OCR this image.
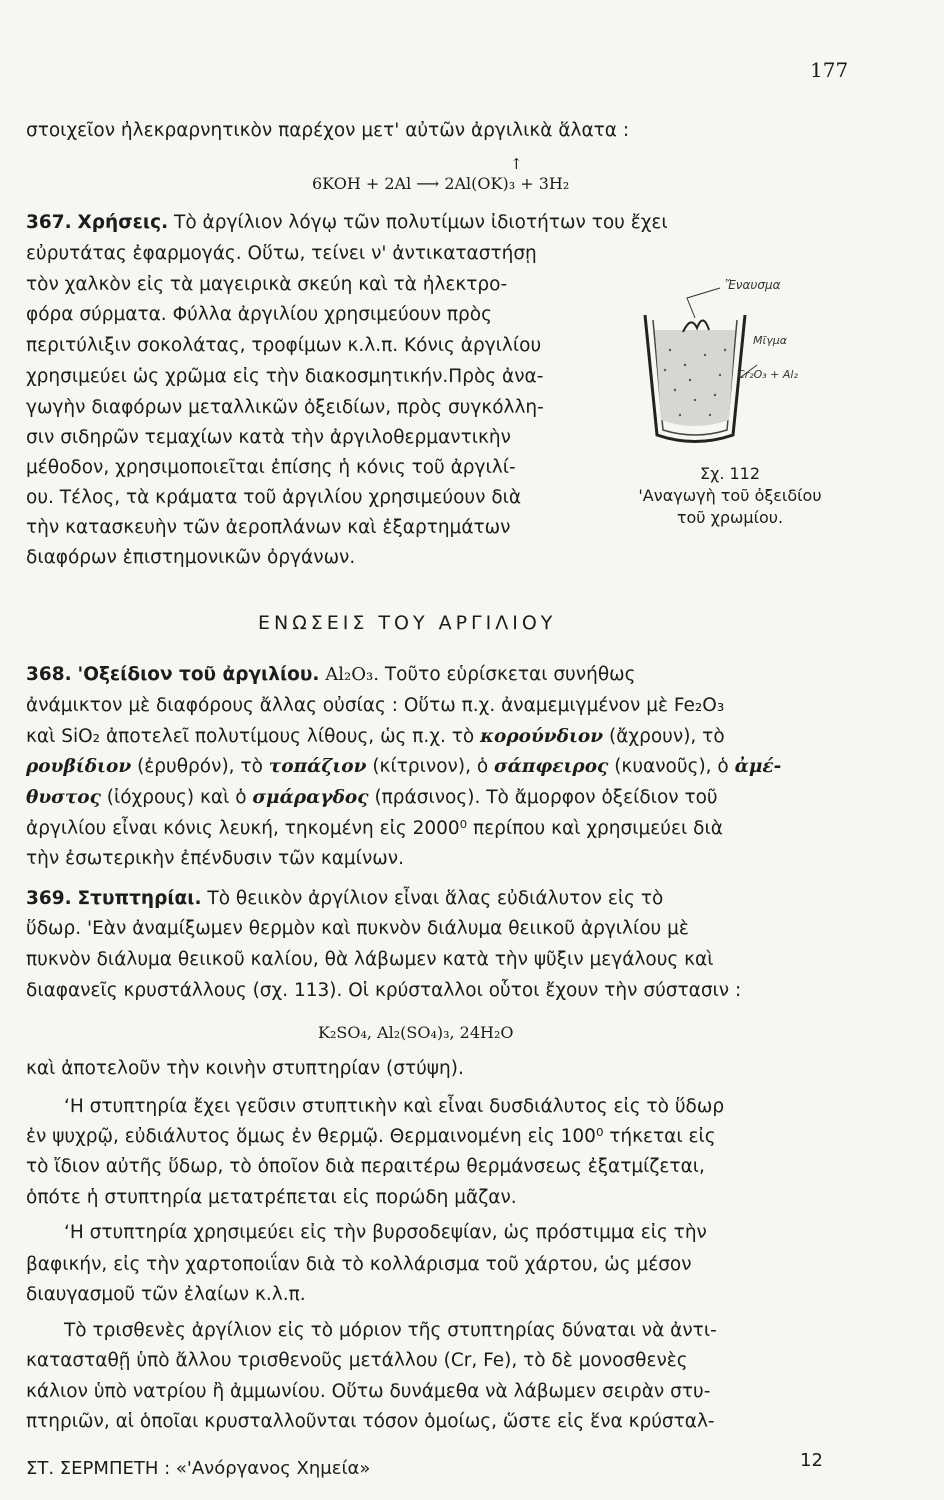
177
στοιχεῖον ἠλεκραρνητικὸν παρέχον μετ' αὐτῶν ἀργιλικὰ ἅλατα :
6KOH + 2Al ⟶ 2Al(OK)₃ + 3H₂
↑
367. Χρήσεις. Τὸ ἀργίλιον λόγῳ τῶν πολυτίμων ἰδιοτήτων του ἔχει
εὐρυτάτας ἐφαρμογάς. Οὕτω, τείνει ν' ἀντικαταστήσῃ
τὸν χαλκὸν εἰς τὰ μαγειρικὰ σκεύη καὶ τὰ ἠλεκτρο-
φόρα σύρματα. Φύλλα ἀργιλίου χρησιμεύουν πρὸς
περιτύλιξιν σοκολάτας, τροφίμων κ.λ.π. Κόνις ἀργιλίου
χρησιμεύει ὡς χρῶμα εἰς τὴν διακοσμητικήν.Πρὸς ἀνα-
γωγὴν διαφόρων μεταλλικῶν ὀξειδίων, πρὸς συγκόλλη-
σιν σιδηρῶν τεμαχίων κατὰ τὴν ἀργιλοθερμαντικὴν
μέθοδον, χρησιμοποιεῖται ἐπίσης ἡ κόνις τοῦ ἀργιλί-
ου. Τέλος, τὰ κράματα τοῦ ἀργιλίου χρησιμεύουν διὰ
τὴν κατασκευὴν τῶν ἀεροπλάνων καὶ ἐξαρτημάτων
διαφόρων ἐπιστημονικῶν ὀργάνων.
Ἔναυσμα
Μῖγμα
Cr₂O₃ + Al₂
Σχ. 112
'Αναγωγὴ τοῦ ὀξειδίου
τοῦ χρωμίου.
ΕΝΩΣΕΙΣ ΤΟΥ ΑΡΓΙΛΙΟΥ
368. 'Οξείδιον τοῦ ἀργιλίου. Al₂O₃. Τοῦτο εὑρίσκεται συνήθως
ἀνάμικτον μὲ διαφόρους ἄλλας οὐσίας : Οὕτω π.χ. ἀναμεμιγμένον μὲ Fe₂O₃
καὶ SiO₂ ἀποτελεῖ πολυτίμους λίθους, ὡς π.χ. τὸ κορούνδιον (ἄχρουν), τὸ
ρουβίδιον (ἐρυθρόν), τὸ τοπάζιον (κίτρινον), ὁ σάπφειρος (κυανοῦς), ὁ ἀμέ-
θυστος (ἰόχρους) καὶ ὁ σμάραγδος (πράσινος). Τὸ ἄμορφον ὀξείδιον τοῦ
ἀργιλίου εἶναι κόνις λευκή, τηκομένη εἰς 2000⁰ περίπου καὶ χρησιμεύει διὰ
τὴν ἐσωτερικὴν ἐπένδυσιν τῶν καμίνων.
369. Στυπτηρίαι. Τὸ θειικὸν ἀργίλιον εἶναι ἅλας εὐδιάλυτον εἰς τὸ
ὕδωρ. 'Εὰν ἀναμίξωμεν θερμὸν καὶ πυκνὸν διάλυμα θειικοῦ ἀργιλίου μὲ
πυκνὸν διάλυμα θειικοῦ καλίου, θὰ λάβωμεν κατὰ τὴν ψῦξιν μεγάλους καὶ
διαφανεῖς κρυστάλλους (σχ. 113). Οἱ κρύσταλλοι οὗτοι ἔχουν τὴν σύστασιν :
K₂SO₄, Al₂(SO₄)₃, 24H₂O
καὶ ἀποτελοῦν τὴν κοινὴν στυπτηρίαν (στύψη).
‘Η στυπτηρία ἔχει γεῦσιν στυπτικὴν καὶ εἶναι δυσδιάλυτος εἰς τὸ ὕδωρ
ἐν ψυχρῷ, εὐδιάλυτος ὅμως ἐν θερμῷ. Θερμαινομένη εἰς 100⁰ τήκεται εἰς
τὸ ἴδιον αὐτῆς ὕδωρ, τὸ ὁποῖον διὰ περαιτέρω θερμάνσεως ἐξατμίζεται,
ὁπότε ἡ στυπτηρία μετατρέπεται εἰς πορώδη μᾶζαν.
‘Η στυπτηρία χρησιμεύει εἰς τὴν βυρσοδεψίαν, ὡς πρόστιμμα εἰς τὴν
βαφικήν, εἰς τὴν χαρτοποιΐαν διὰ τὸ κολλάρισμα τοῦ χάρτου, ὡς μέσον
διαυγασμοῦ τῶν ἐλαίων κ.λ.π.
Τὸ τρισθενὲς ἀργίλιον εἰς τὸ μόριον τῆς στυπτηρίας δύναται νὰ ἀντι-
κατασταθῇ ὑπὸ ἄλλου τρισθενοῦς μετάλλου (Cr, Fe), τὸ δὲ μονοσθενὲς
κάλιον ὑπὸ νατρίου ἢ ἀμμωνίου. Οὕτω δυνάμεθα νὰ λάβωμεν σειρὰν στυ-
πτηριῶν, αἱ ὁποῖαι κρυσταλλοῦνται τόσον ὁμοίως, ὥστε εἰς ἕνα κρύσταλ-
ΣΤ. ΣΕΡΜΠΕΤΗ : «'Ανόργανος Χημεία»	12
